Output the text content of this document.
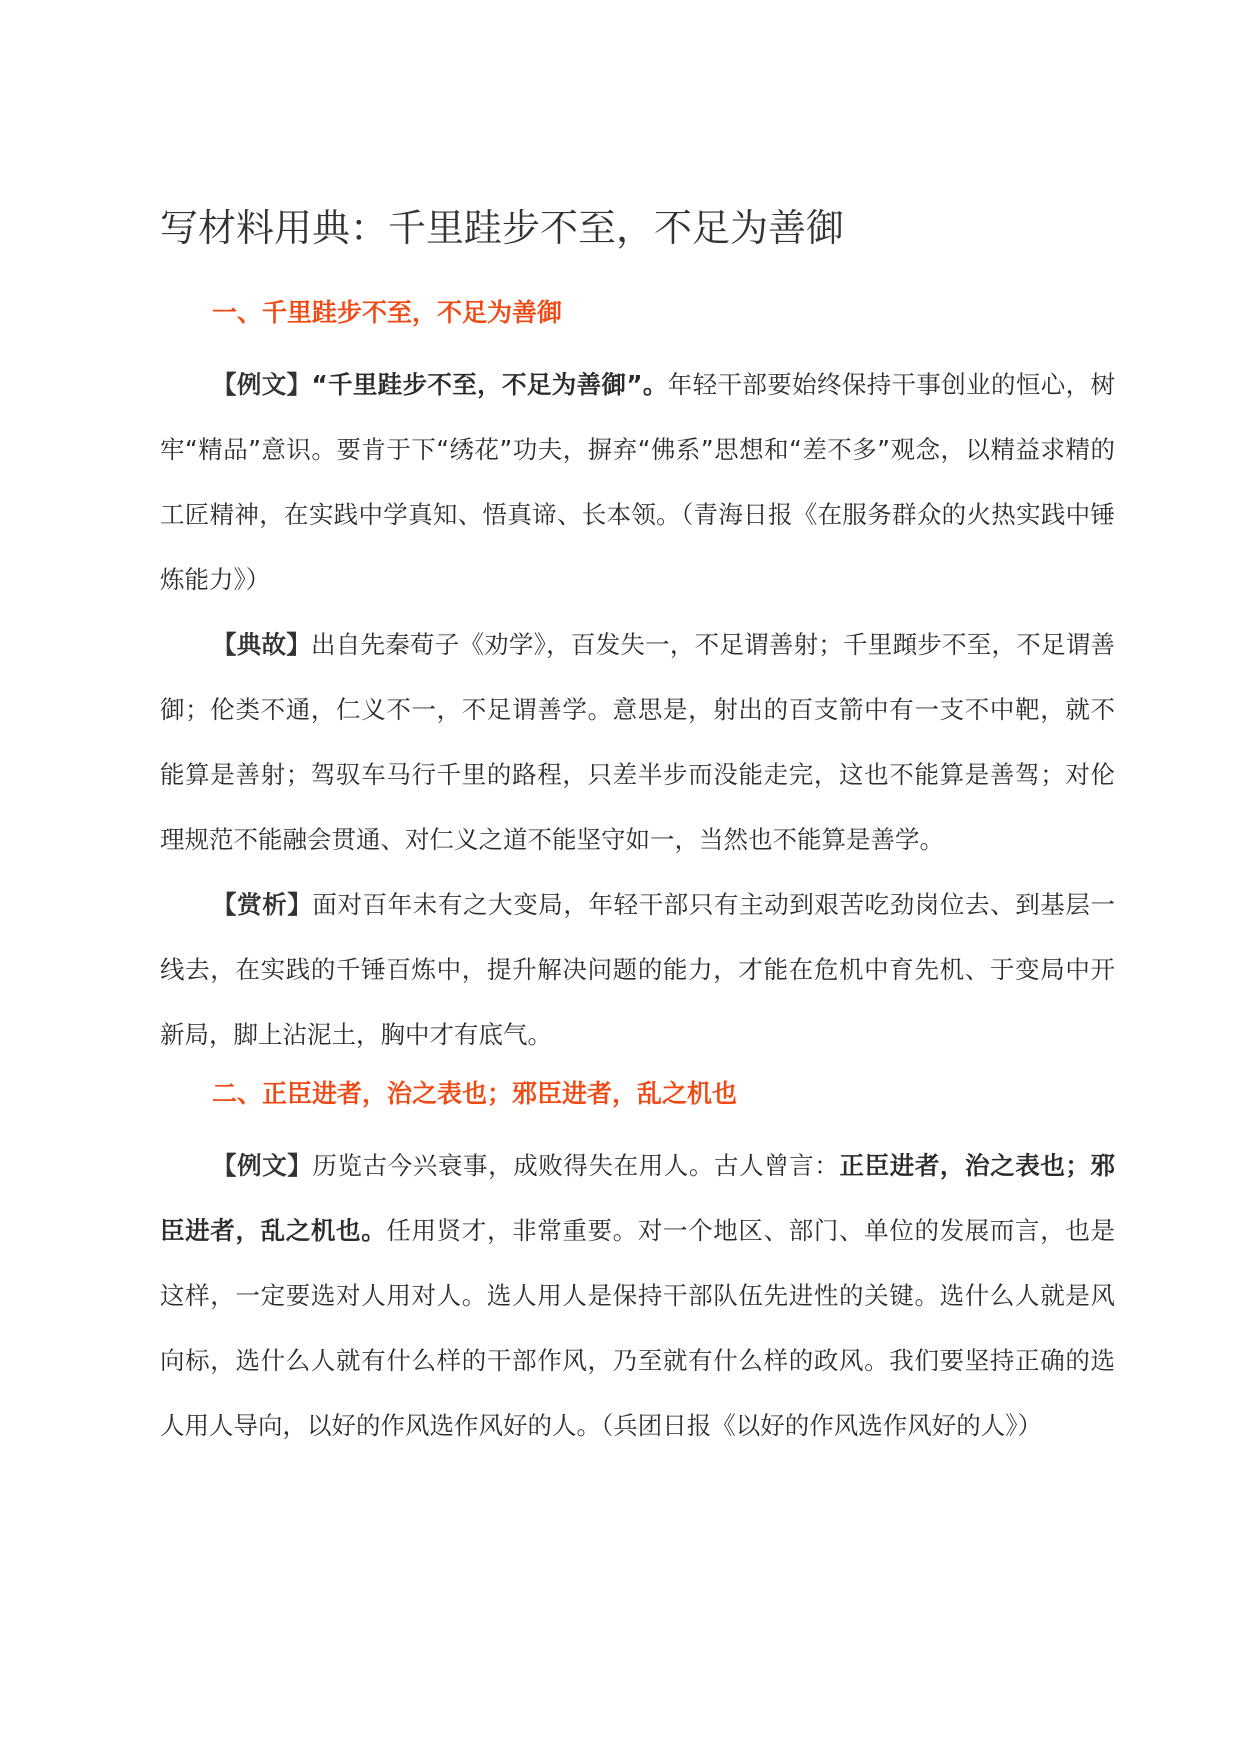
写材料用典：千里跬步不至，不足为善御
一、千里跬步不至，不足为善御

【例文】“千里跬步不至，不足为善御”。年轻干部要始终保持干事创业的恒心，树牢“精品”意识。要肯于下“绣花”功夫，摒弃“佛系”思想和“差不多”观念，以精益求精的工匠精神，在实践中学真知、悟真谛、长本领。（青海日报《在服务群众的火热实践中锤炼能力》）

【典故】出自先秦荀子《劝学》，百发失一，不足谓善射；千里蹞步不至，不足谓善御；伦类不通，仁义不一，不足谓善学。意思是，射出的百支箭中有一支不中靶，就不能算是善射；驾驭车马行千里的路程，只差半步而没能走完，这也不能算是善驾；对伦理规范不能融会贯通、对仁义之道不能坚守如一，当然也不能算是善学。

【赏析】面对百年未有之大变局，年轻干部只有主动到艰苦吃劲岗位去、到基层一线去，在实践的千锤百炼中，提升解决问题的能力，才能在危机中育先机、于变局中开新局，脚上沾泥土，胸中才有底气。

二、正臣进者，治之表也；邪臣进者，乱之机也

【例文】历览古今兴衰事，成败得失在用人。古人曾言：正臣进者，治之表也；邪臣进者，乱之机也。任用贤才，非常重要。对一个地区、部门、单位的发展而言，也是这样，一定要选对人用对人。选人用人是保持干部队伍先进性的关键。选什么人就是风向标，选什么人就有什么样的干部作风，乃至就有什么样的政风。我们要坚持正确的选人用人导向，以好的作风选作风好的人。（兵团日报《以好的作风选作风好的人》）
